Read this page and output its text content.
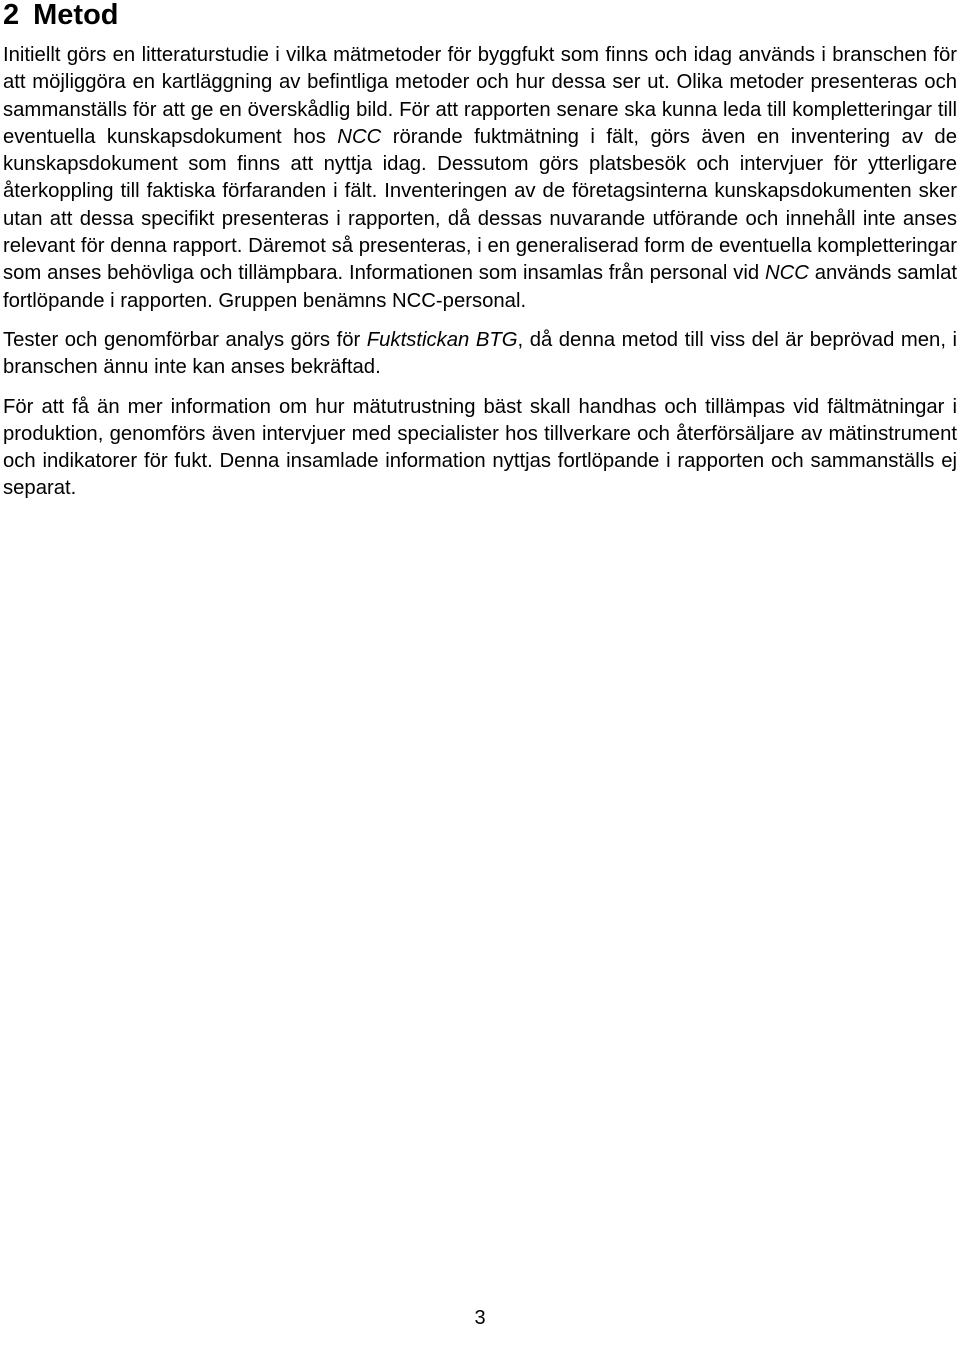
2 Metod

Initiellt görs en litteraturstudie i vilka mätmetoder för byggfukt som finns och idag används i branschen för att möjliggöra en kartläggning av befintliga metoder och hur dessa ser ut. Olika metoder presenteras och sammanställs för att ge en överskådlig bild. För att rapporten senare ska kunna leda till kompletteringar till eventuella kunskapsdokument hos NCC rörande fuktmätning i fält, görs även en inventering av de kunskapsdokument som finns att nyttja idag. Dessutom görs platsbesök och intervjuer för ytterligare återkoppling till faktiska förfaranden i fält. Inventeringen av de företagsinterna kunskapsdokumenten sker utan att dessa specifikt presenteras i rapporten, då dessas nuvarande utförande och innehåll inte anses relevant för denna rapport. Däremot så presenteras, i en generaliserad form de eventuella kompletteringar som anses behövliga och tillämpbara. Informationen som insamlas från personal vid NCC används samlat fortlöpande i rapporten. Gruppen benämns NCC-personal.

Tester och genomförbar analys görs för Fuktstickan BTG, då denna metod till viss del är beprövad men, i branschen ännu inte kan anses bekräftad.

För att få än mer information om hur mätutrustning bäst skall handhas och tillämpas vid fältmätningar i produktion, genomförs även intervjuer med specialister hos tillverkare och återförsäljare av mätinstrument och indikatorer för fukt. Denna insamlade information nyttjas fortlöpande i rapporten och sammanställs ej separat.

3
